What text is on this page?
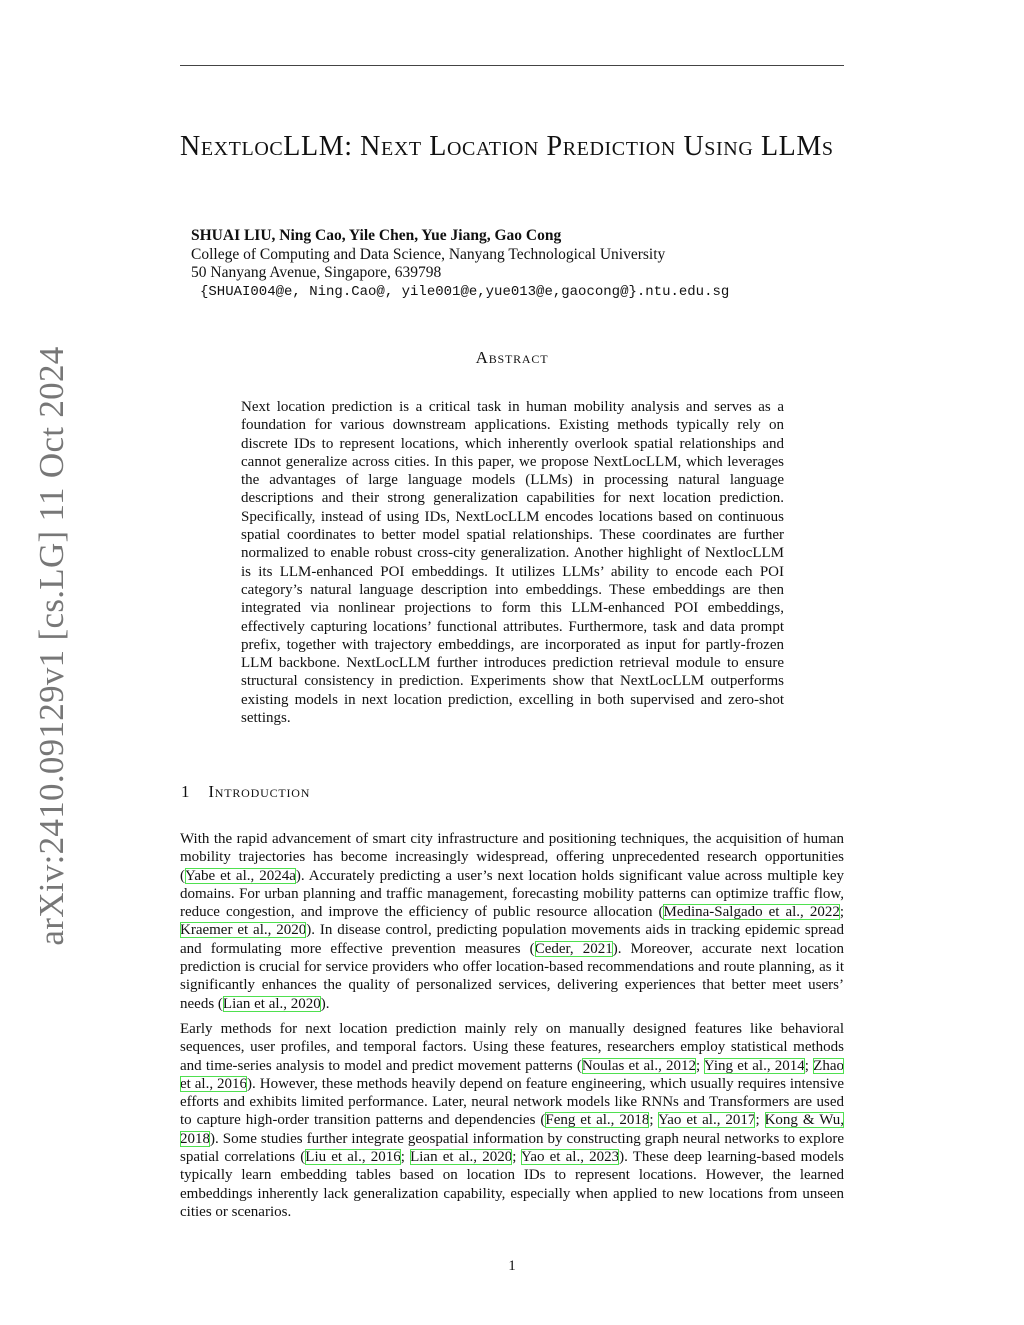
arXiv:2410.09129v1 [cs.LG] 11 Oct 2024
NextlocLLM: Next Location Prediction Using LLMs
SHUAI LIU, Ning Cao, Yile Chen, Yue Jiang, Gao Cong
College of Computing and Data Science, Nanyang Technological University
50 Nanyang Avenue, Singapore, 639798
{SHUAI004@e, Ning.Cao@, yile001@e,yue013@e,gaocong@}.ntu.edu.sg
Abstract

Next location prediction is a critical task in human mobility analysis and serves as a foundation for various downstream applications. Existing methods typically rely on discrete IDs to represent locations, which inherently overlook spatial relationships and cannot generalize across cities. In this paper, we propose NextLocLLM, which leverages the advantages of large language models (LLMs) in processing natural language descriptions and their strong generalization capabilities for next location prediction. Specifically, instead of using IDs, NextLocLLM encodes locations based on continuous spatial coordinates to better model spatial relationships. These coordinates are further normalized to enable robust cross-city generalization. Another highlight of NextlocLLM is its LLM-enhanced POI embeddings. It utilizes LLMs’ ability to encode each POI category’s natural language description into embeddings. These embeddings are then integrated via nonlinear projections to form this LLM-enhanced POI embeddings, effectively capturing locations’ functional attributes. Furthermore, task and data prompt prefix, together with trajectory embeddings, are incorporated as input for partly-frozen LLM backbone. NextLocLLM further introduces prediction retrieval module to ensure structural consistency in prediction. Experiments show that NextLocLLM outperforms existing models in next location prediction, excelling in both supervised and zero-shot settings.

1 Introduction

With the rapid advancement of smart city infrastructure and positioning techniques, the acquisition of human mobility trajectories has become increasingly widespread, offering unprecedented research opportunities (Yabe et al., 2024a). Accurately predicting a user’s next location holds significant value across multiple key domains. For urban planning and traffic management, forecasting mobility patterns can optimize traffic flow, reduce congestion, and improve the efficiency of public resource allocation (Medina-Salgado et al., 2022; Kraemer et al., 2020). In disease control, predicting population movements aids in tracking epidemic spread and formulating more effective prevention measures (Ceder, 2021). Moreover, accurate next location prediction is crucial for service providers who offer location-based recommendations and route planning, as it significantly enhances the quality of personalized services, delivering experiences that better meet users’ needs (Lian et al., 2020).

Early methods for next location prediction mainly rely on manually designed features like behavioral sequences, user profiles, and temporal factors. Using these features, researchers employ statistical methods and time-series analysis to model and predict movement patterns (Noulas et al., 2012; Ying et al., 2014; Zhao et al., 2016). However, these methods heavily depend on feature engineering, which usually requires intensive efforts and exhibits limited performance. Later, neural network models like RNNs and Transformers are used to capture high-order transition patterns and dependencies (Feng et al., 2018; Yao et al., 2017; Kong & Wu, 2018). Some studies further integrate geospatial information by constructing graph neural networks to explore spatial correlations (Liu et al., 2016; Lian et al., 2020; Yao et al., 2023). These deep learning-based models typically learn embedding tables based on location IDs to represent locations. However, the learned embeddings inherently lack generalization capability, especially when applied to new locations from unseen cities or scenarios.

1
